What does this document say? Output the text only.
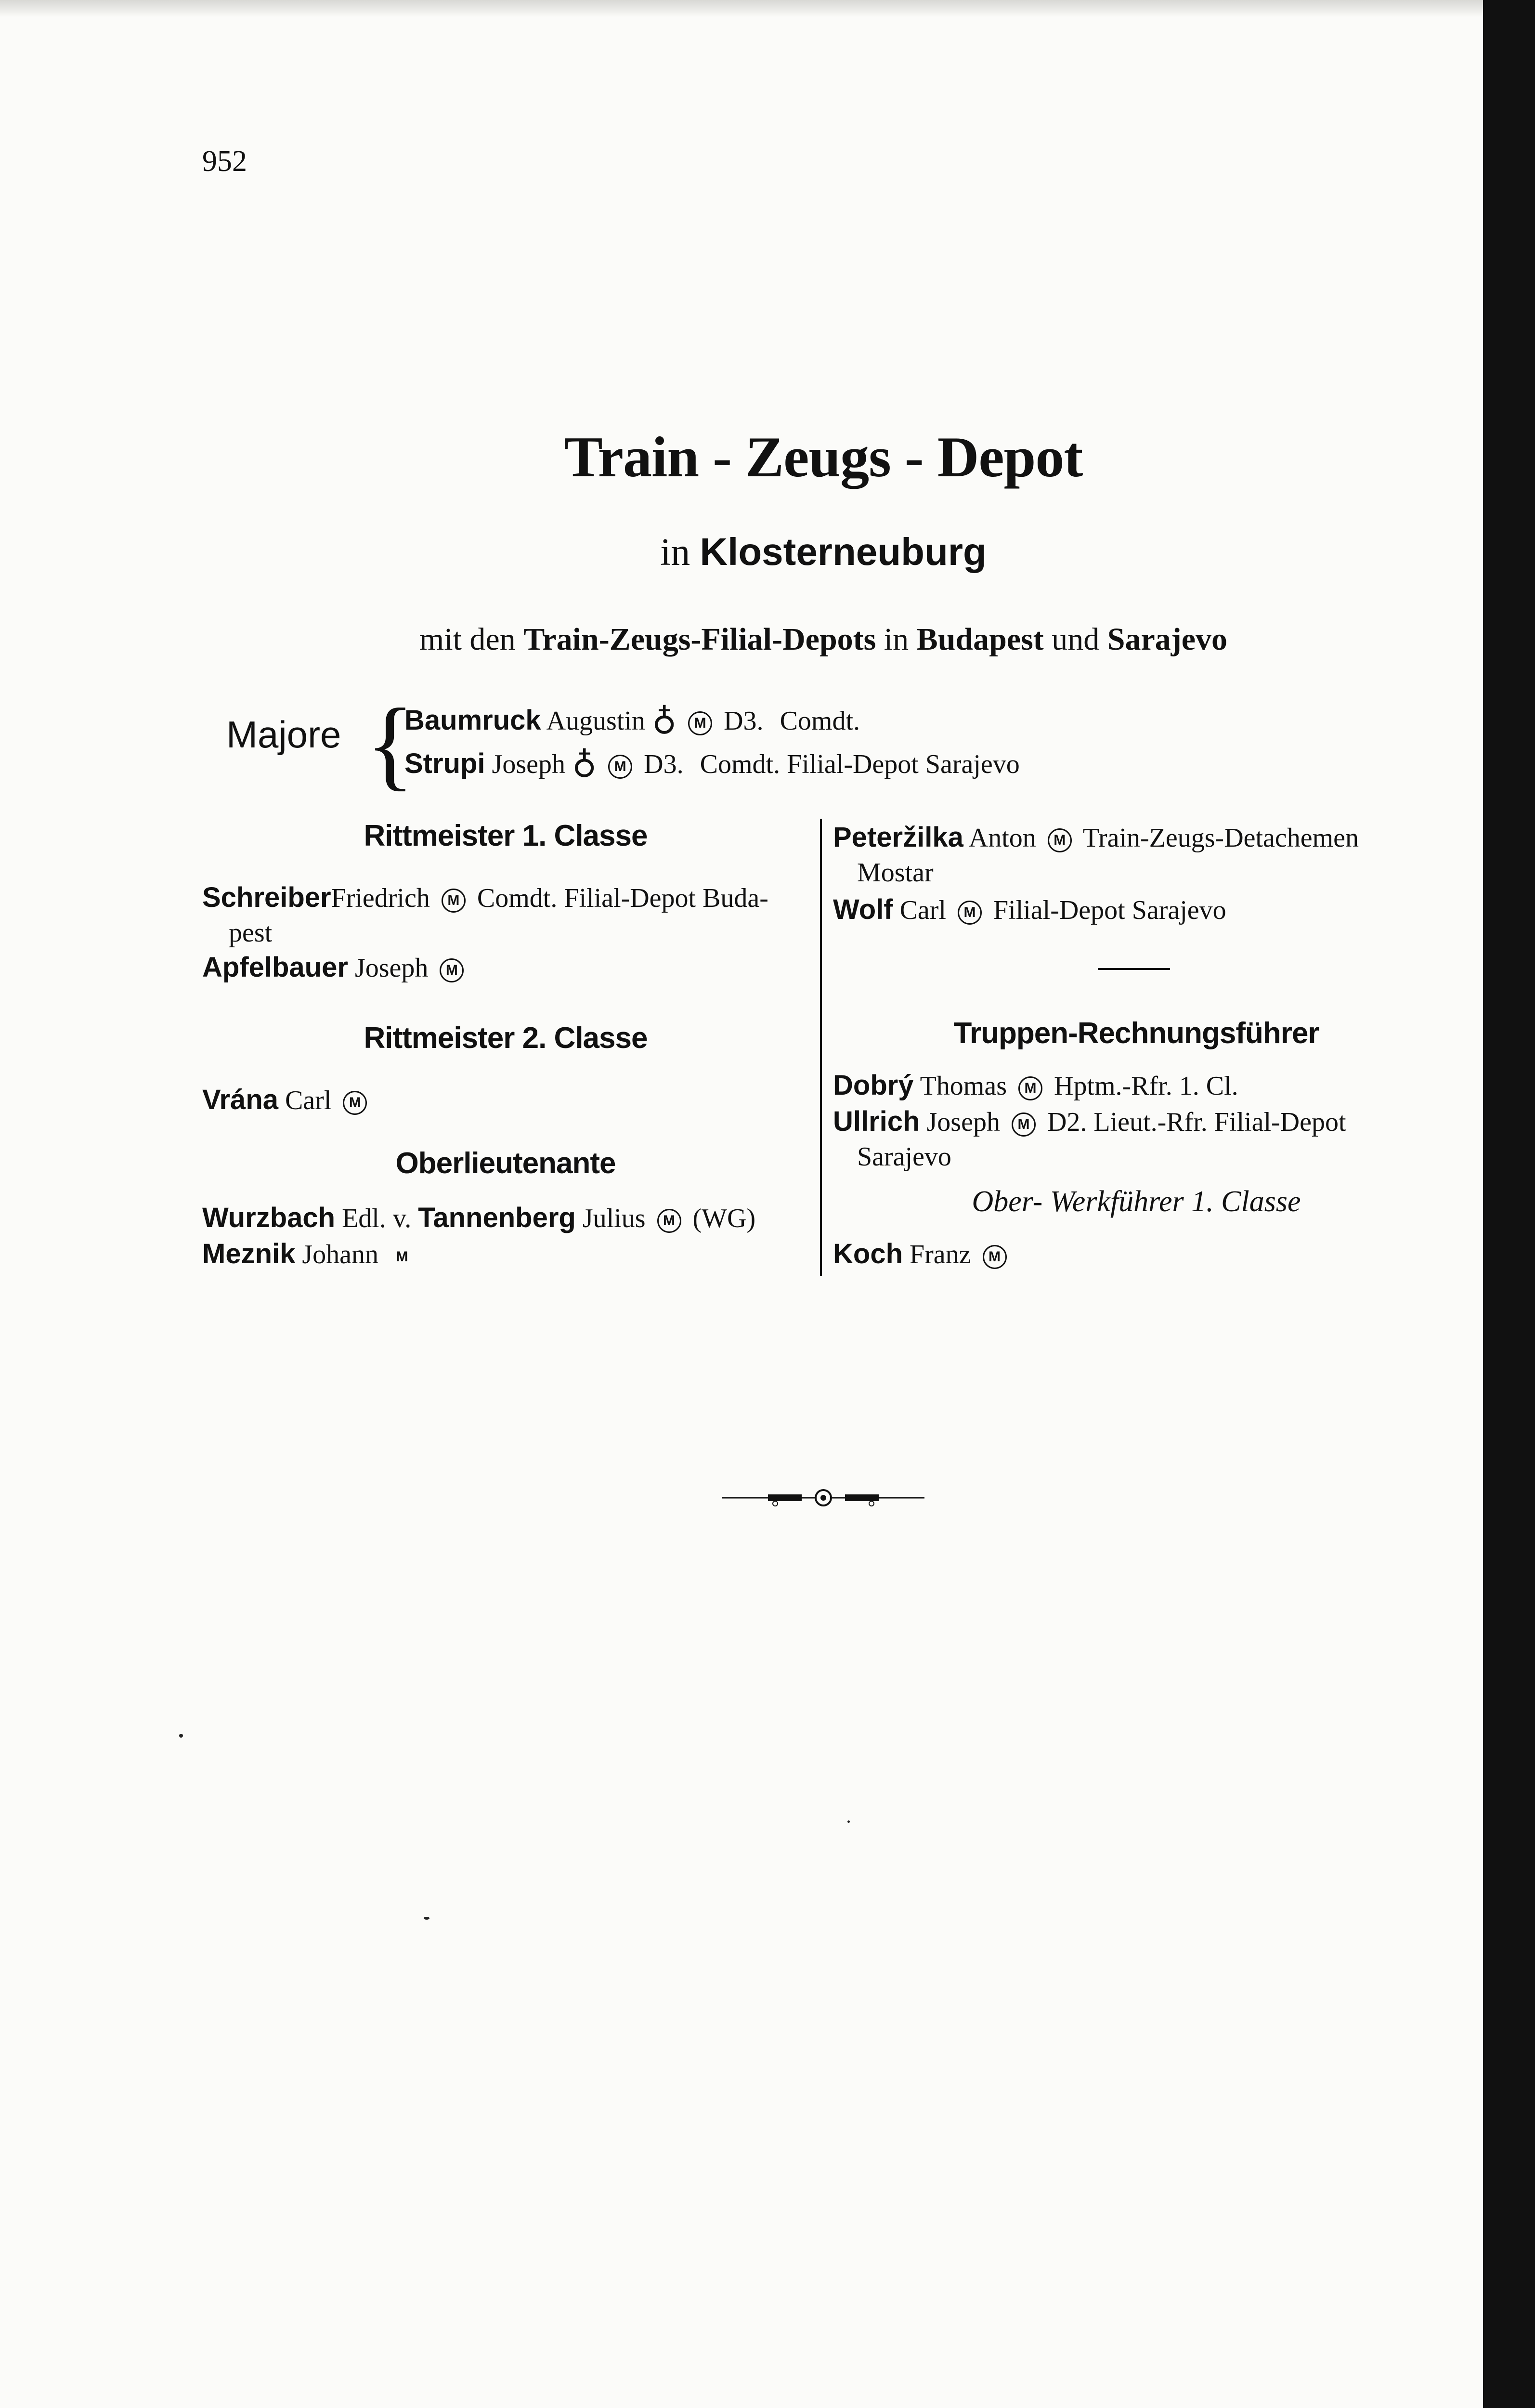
952
Train - Zeugs - Depot
in Klosterneuburg
mit den Train-Zeugs-Filial-Depots in Budapest und Sarajevo
Majore {
Baumruck Augustin ♁ M D3. Comdt.
Strupi Joseph ♁ M D3. Comdt. Filial-Depot Sarajevo
Rittmeister 1. Classe
SchreiberFriedrich M Comdt. Filial-Depot Buda-
pest
Apfelbauer Joseph M
Rittmeister 2. Classe
Vrána Carl M
Oberlieutenante
Wurzbach Edl. v. Tannenberg Julius M (WG)
Meznik Johann M
Peteržilka Anton M Train-Zeugs-Detachemen
Mostar
Wolf Carl M Filial-Depot Sarajevo
Truppen-Rechnungsführer
Dobrý Thomas M Hptm.-Rfr. 1. Cl.
Ullrich Joseph M D2. Lieut.-Rfr. Filial-Depot
Sarajevo
Ober- Werkführer 1. Classe
Koch Franz M
